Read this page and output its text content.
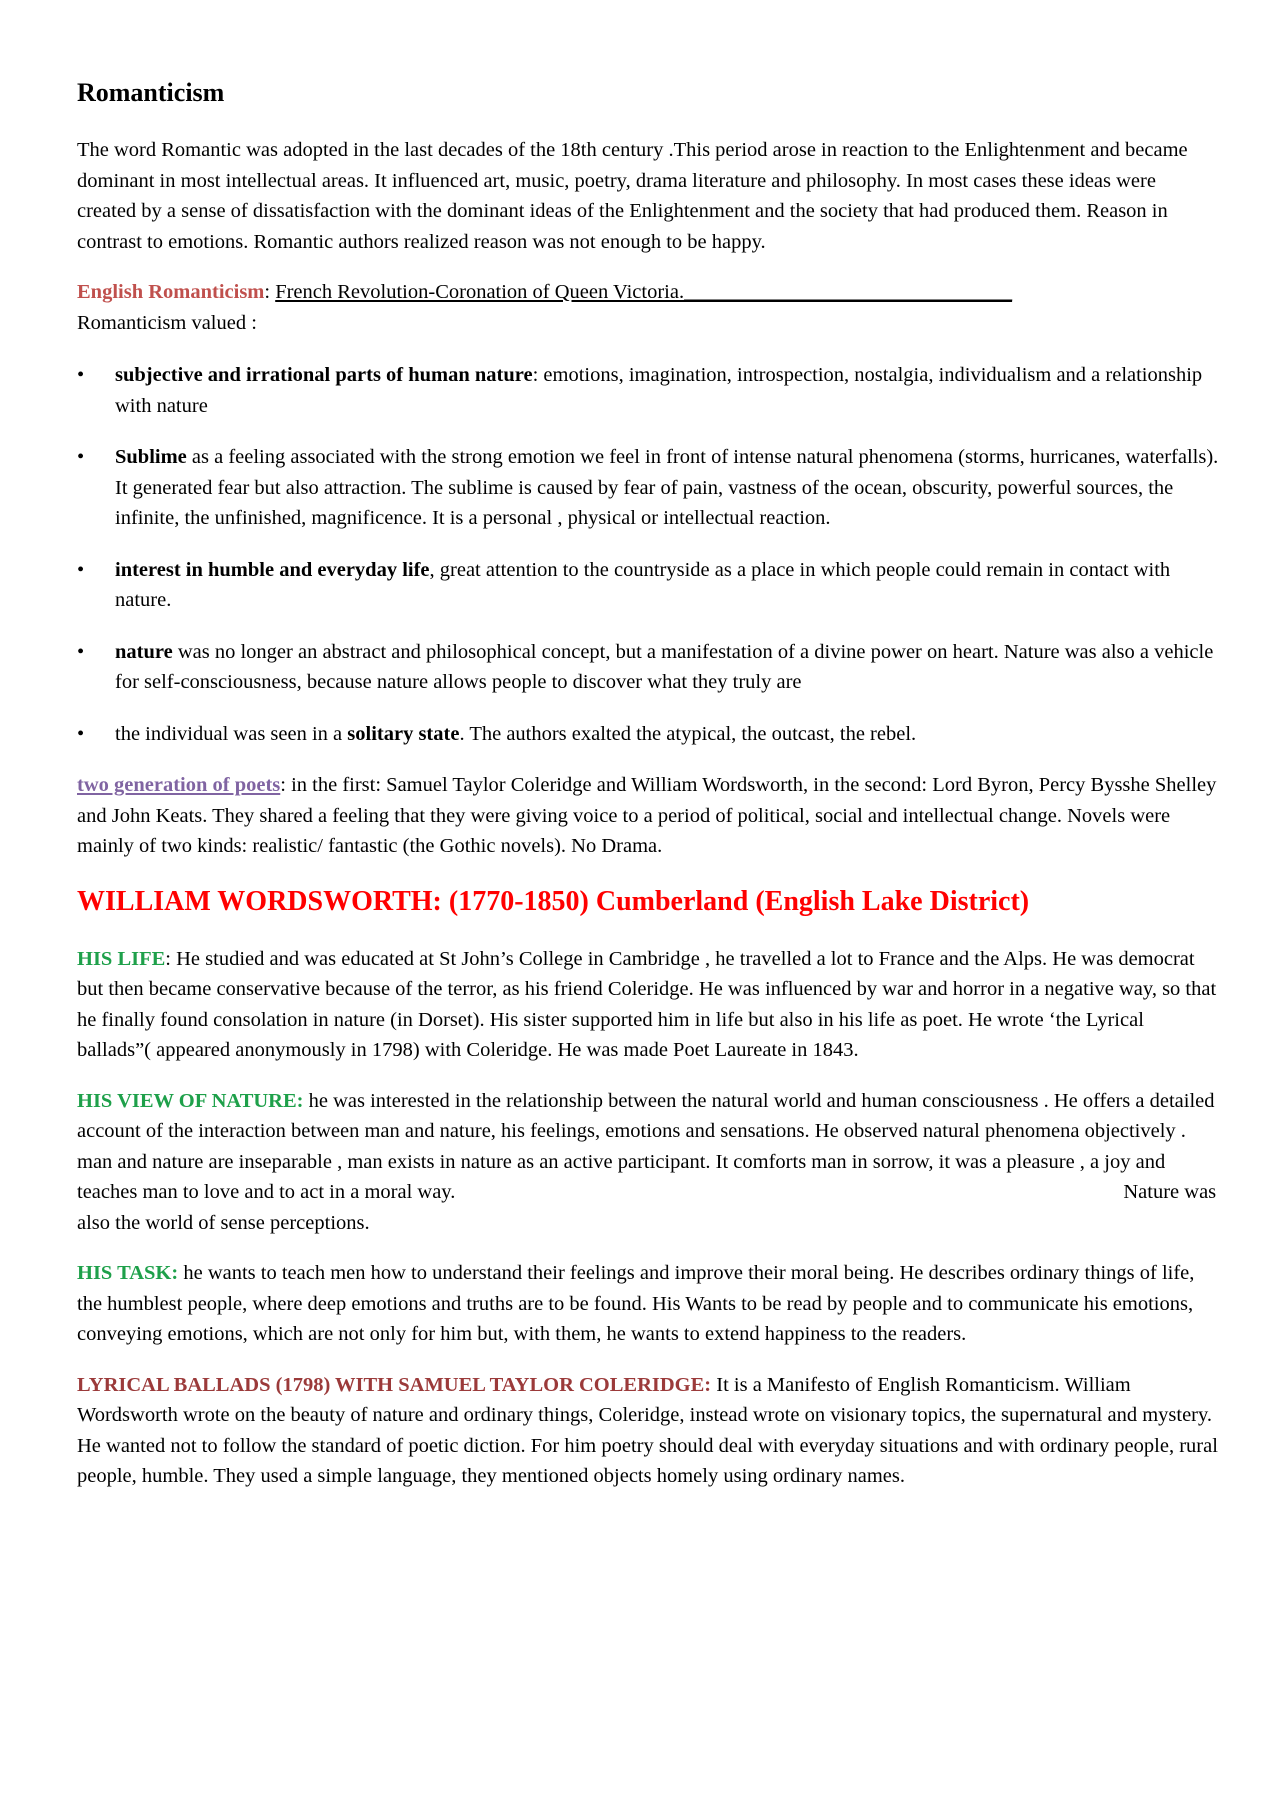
Romanticism

The word Romantic was adopted in the last decades of the 18th century .This period arose in reaction to the Enlightenment and became dominant in most intellectual areas. It influenced art, music, poetry, drama literature and philosophy. In most cases these ideas were created by a sense of dissatisfaction with the dominant ideas of the Enlightenment and the society that had produced them. Reason in contrast to emotions. Romantic authors realized reason was not enough to be happy.

English Romanticism: French Revolution-Coronation of Queen Victoria.________________________________
Romanticism valued :

• subjective and irrational parts of human nature: emotions, imagination, introspection, nostalgia, individualism and a relationship with nature
• Sublime as a feeling associated with the strong emotion we feel in front of intense natural phenomena (storms, hurricanes, waterfalls). It generated fear but also attraction. The sublime is caused by fear of pain, vastness of the ocean, obscurity, powerful sources, the infinite, the unfinished, magnificence. It is a personal , physical or intellectual reaction.
• interest in humble and everyday life, great attention to the countryside as a place in which people could remain in contact with nature.
• nature was no longer an abstract and philosophical concept, but a manifestation of a divine power on heart. Nature was also a vehicle for self-consciousness, because nature allows people to discover what they truly are
• the individual was seen in a solitary state. The authors exalted the atypical, the outcast, the rebel.

two generation of poets: in the first: Samuel Taylor Coleridge and William Wordsworth, in the second: Lord Byron, Percy Bysshe Shelley and John Keats. They shared a feeling that they were giving voice to a period of political, social and intellectual change. Novels were mainly of two kinds: realistic/ fantastic (the Gothic novels). No Drama.

WILLIAM WORDSWORTH: (1770-1850) Cumberland (English Lake District)

HIS LIFE: He studied and was educated at St John’s College in Cambridge , he travelled a lot to France and the Alps. He was democrat but then became conservative because of the terror, as his friend Coleridge. He was influenced by war and horror in a negative way, so that he finally found consolation in nature (in Dorset). His sister supported him in life but also in his life as poet. He wrote ‘the Lyrical ballads”( appeared anonymously in 1798) with Coleridge. He was made Poet Laureate in 1843.

HIS VIEW OF NATURE: he was interested in the relationship between the natural world and human consciousness . He offers a detailed account of the interaction between man and nature, his feelings, emotions and sensations. He observed natural phenomena objectively . man and nature are inseparable , man exists in nature as an active participant. It comforts man in sorrow, it was a pleasure , a joy and teaches man to love and to act in a moral way.	Nature was also the world of sense perceptions.

HIS TASK: he wants to teach men how to understand their feelings and improve their moral being. He describes ordinary things of life, the humblest people, where deep emotions and truths are to be found. His Wants to be read by people and to communicate his emotions, conveying emotions, which are not only for him but, with them, he wants to extend happiness to the readers.

LYRICAL BALLADS (1798) WITH SAMUEL TAYLOR COLERIDGE: It is a Manifesto of English Romanticism. William Wordsworth wrote on the beauty of nature and ordinary things, Coleridge, instead wrote on visionary topics, the supernatural and mystery. He wanted not to follow the standard of poetic diction. For him poetry should deal with everyday situations and with ordinary people, rural people, humble. They used a simple language, they mentioned objects homely using ordinary names.
